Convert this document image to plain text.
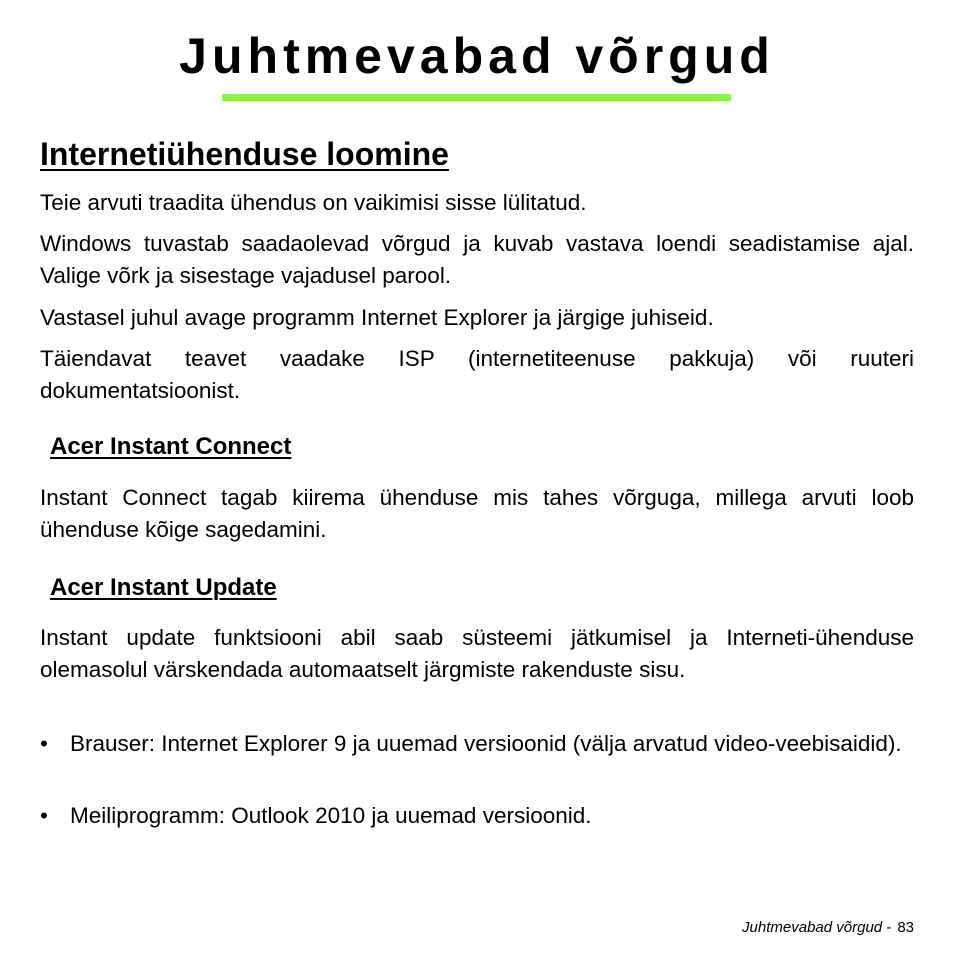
Juhtmevabad võrgud
Internetiühenduse loomine

Teie arvuti traadita ühendus on vaikimisi sisse lülitatud.

Windows tuvastab saadaolevad võrgud ja kuvab vastava loendi seadistamise ajal. Valige võrk ja sisestage vajadusel parool.

Vastasel juhul avage programm Internet Explorer ja järgige juhiseid.

Täiendavat teavet vaadake ISP (internetiteenuse pakkuja) või ruuteri dokumentatsioonist.

Acer Instant Connect

Instant Connect tagab kiirema ühenduse mis tahes võrguga, millega arvuti loob ühenduse kõige sagedamini.

Acer Instant Update

Instant update funktsiooni abil saab süsteemi jätkumisel ja Interneti-ühenduse olemasolul värskendada automaatselt järgmiste rakenduste sisu.

• Brauser: Internet Explorer 9 ja uuemad versioonid (välja arvatud video-veebisaidid).
• Meiliprogramm: Outlook 2010 ja uuemad versioonid.
Juhtmevabad võrgud - 83
